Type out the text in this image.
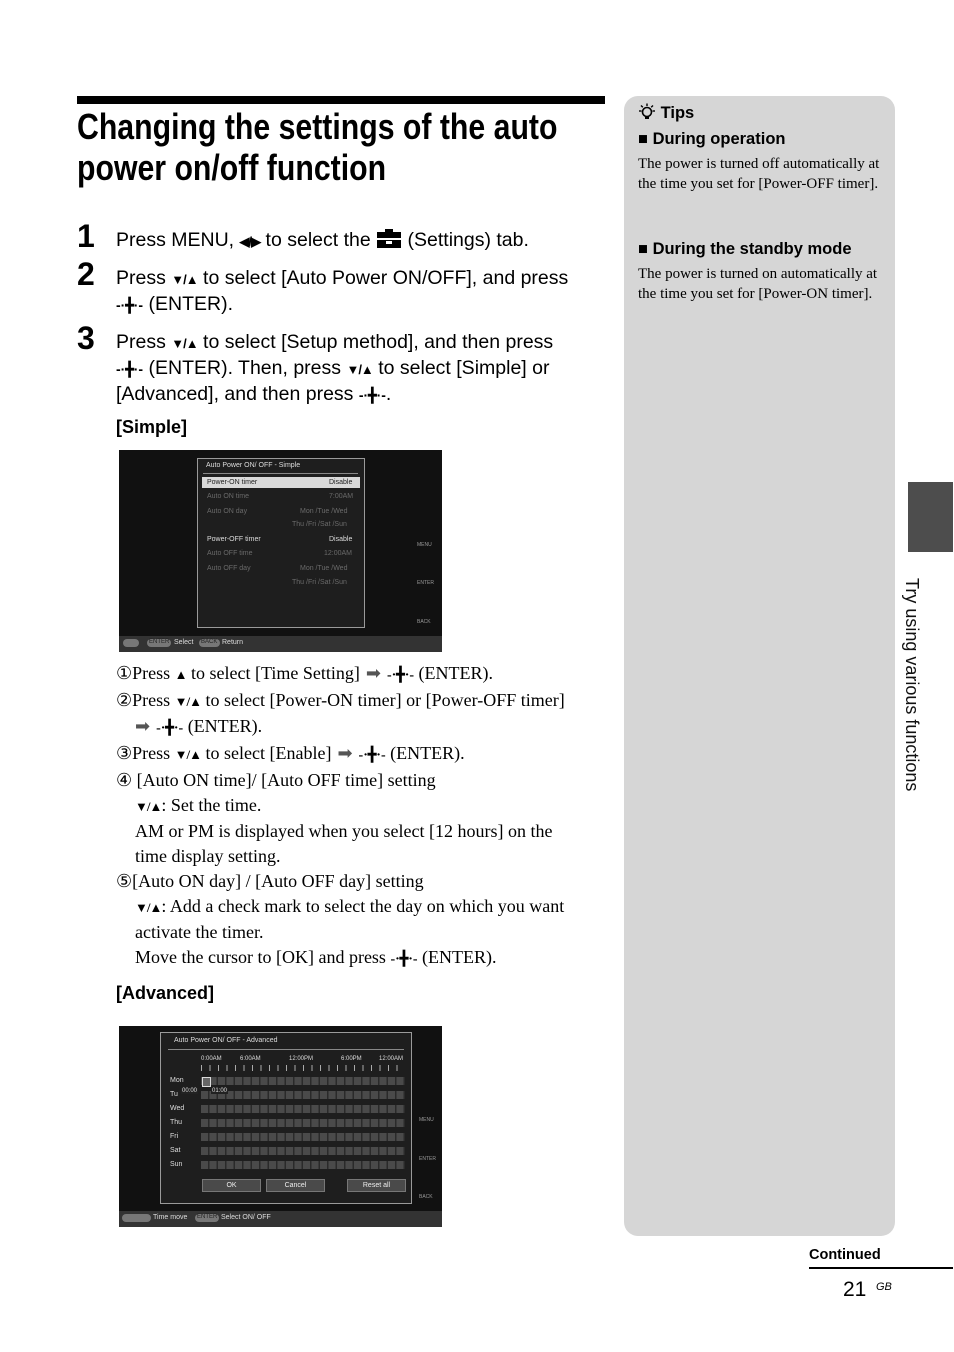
Changing the settings of the auto power on/off function
1 Press MENU, ◀/▶ to select the  (Settings) tab.
2 Press ▼/▲ to select [Auto Power ON/OFF], and press
-·╋·- (ENTER).
3 Press ▼/▲ to select [Setup method], and then press
-·╋·- (ENTER). Then, press ▼/▲ to select [Simple] or
[Advanced], and then press -·╋·-.
[Simple]
Auto Power ON/ OFF - Simple
Power-ON timer	Disable
Auto ON time	7:00AM
Auto ON day	Mon /Tue /Wed
Thu /Fri /Sat /Sun
Power-OFF timer	Disable
Auto OFF time	12:00AM
Auto OFF day	Mon /Tue /Wed
Thu /Fri /Sat /Sun
MENU
ENTER
BACK
ENTER Select BACK Return
①Press ▲ to select [Time Setting] ➡ -·╋·- (ENTER).
②Press ▼/▲ to select [Power-ON timer] or [Power-OFF timer]

➡ -·╋·- (ENTER).
③Press ▼/▲ to select [Enable] ➡ -·╋·- (ENTER).
④ [Auto ON time]/ [Auto OFF time] setting

▼/▲: Set the time.
AM or PM is displayed when you select [12 hours] on the
time display setting.
⑤[Auto ON day] / [Auto OFF day] setting

▼/▲: Add a check mark to select the day on which you want
activate the timer.
Move the cursor to [OK] and press -·╋·- (ENTER).
[Advanced]
Auto Power ON/ OFF - Advanced
0:00AM	6:00AM	12:00PM	6:00PM	12:00AM
Mon
Tu
Wed
Thu
Fri
Sat
Sun
00:00 01:00
OK	Cancel	Reset all
MENU
ENTER
BACK
Time move ENTER Select ON/ OFF
Tips
■ During operation
The power is turned off automatically at the time you set for [Power-OFF timer].
■ During the standby mode
The power is turned on automatically at the time you set for [Power-ON timer].
Try using various functions
Continued
21 GB
